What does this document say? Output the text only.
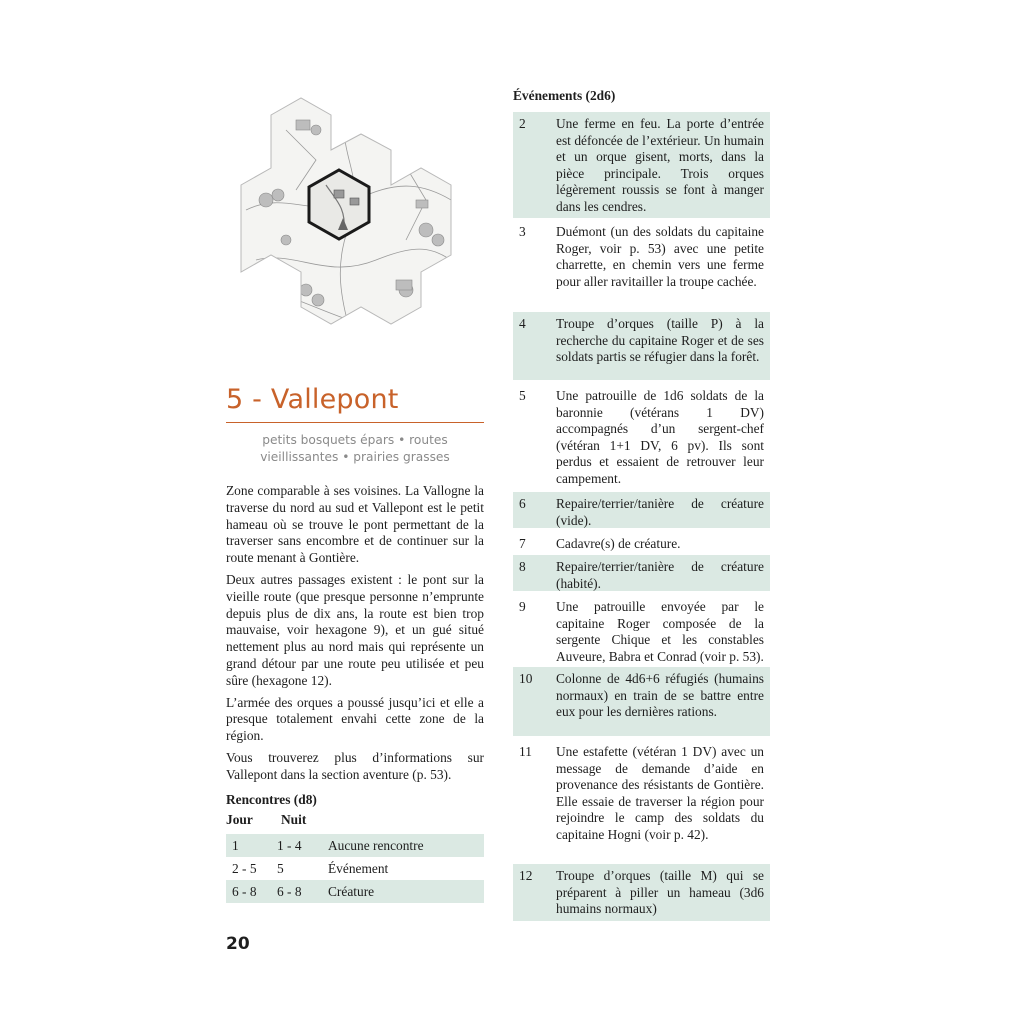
5 - Vallepont
petits bosquets épars • routes
vieillissantes • prairies grasses

Zone comparable à ses voisines. La Vallogne la traverse du nord au sud et Vallepont est le petit hameau où se trouve le pont permettant de la traverser sans encombre et de continuer sur la route menant à Gontière.

Deux autres passages existent : le pont sur la vieille route (que presque personne n’emprunte depuis plus de dix ans, la route est bien trop mauvaise, voir hexagone 9), et un gué situé nettement plus au nord mais qui représente un grand détour par une route peu utilisée et peu sûre (hexagone 12).

L’armée des orques a poussé jusqu’ici et elle a presque totalement envahi cette zone de la région.

Vous trouverez plus d’informations sur Vallepont dans la section aventure (p. 53).

Rencontres (d8)
Jour Nuit
1	1 - 4	Aucune rencontre
2 - 5	5	Événement
6 - 8	6 - 8	Créature
Événements (2d6)
2	Une ferme en feu. La porte d’entrée est défoncée de l’extérieur. Un humain et un orque gisent, morts, dans la pièce principale. Trois orques légèrement roussis se font à manger dans les cendres.
3	Duémont (un des soldats du capitaine Roger, voir p. 53) avec une petite charrette, en chemin vers une ferme pour aller ravitailler la troupe cachée.
4	Troupe d’orques (taille P) à la recherche du capitaine Roger et de ses soldats partis se réfugier dans la forêt.
5	Une patrouille de 1d6 soldats de la baronnie (vétérans 1 DV) accompagnés d’un sergent-chef (vétéran 1+1 DV, 6 pv). Ils sont perdus et essaient de retrouver leur campement.
6	Repaire/terrier/tanière de créature (vide).
7	Cadavre(s) de créature.
8	Repaire/terrier/tanière de créature (habité).
9	Une patrouille envoyée par le capitaine Roger composée de la sergente Chique et les constables Auveure, Babra et Conrad (voir p. 53).
10	Colonne de 4d6+6 réfugiés (humains normaux) en train de se battre entre eux pour les dernières rations.
11	Une estafette (vétéran 1 DV) avec un message de demande d’aide en provenance des résistants de Gontière. Elle essaie de traverser la région pour rejoindre le camp des soldats du capitaine Hogni (voir p. 42).
12	Troupe d’orques (taille M) qui se préparent à piller un hameau (3d6 humains normaux)
20
